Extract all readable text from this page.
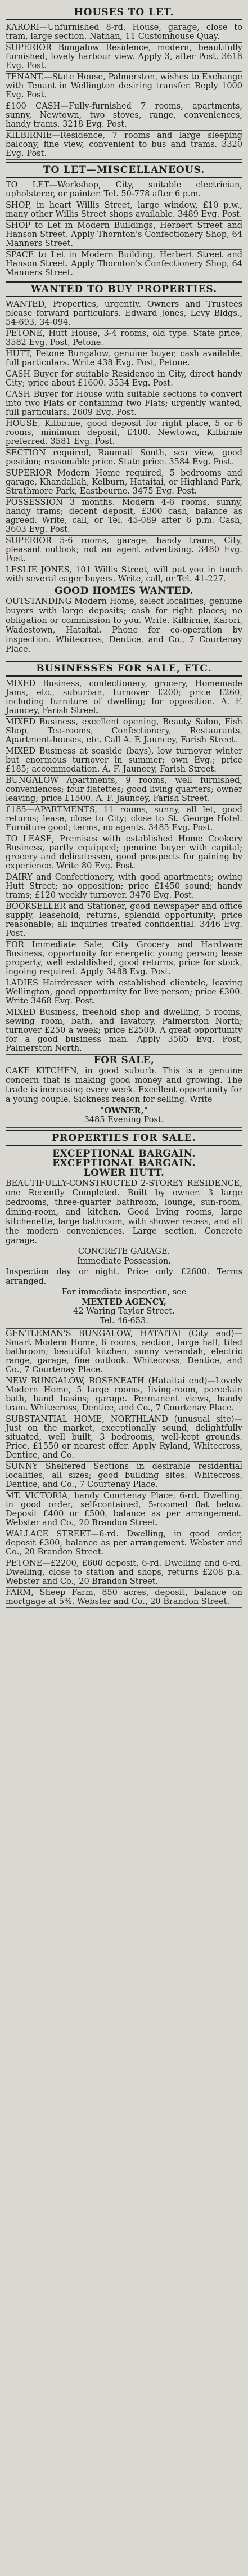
HOUSES TO LET.

KARORI—Unfurnished 8-rd. House, garage, close to tram, large section. Nathan, 11 Customhouse Quay.

SUPERIOR Bungalow Residence, modern, beautifully furnished, lovely harbour view. Apply 3, after Post. 3618 Evg. Post.

TENANT.—State House, Palmerston, wishes to Exchange with Tenant in Wellington desiring transfer. Reply 1000 Evg. Post.

£100 CASH—Fully-furnished 7 rooms, apartments, sunny, Newtown, two stoves, range, conveniences, handy trams. 3218 Evg. Post.

KILBIRNIE—Residence, 7 rooms and large sleeping balcony, fine view, convenient to bus and trams. 3320 Evg. Post.

TO LET—MISCELLANEOUS.

TO LET—Workshop, City, suitable electrician, upholsterer, or painter. Tel. 50-778 after 6 p.m.

SHOP, in heart Willis Street, large window, £10 p.w., many other Willis Street shops available. 3489 Evg. Post.

SHOP to Let in Modern Buildings, Herbert Street and Hanson Street. Apply Thornton's Confectionery Shop, 64 Manners Street.

SPACE to Let in Modern Building, Herbert Street and Hanson Street. Apply Thornton's Confectionery Shop, 64 Manners Street.

WANTED TO BUY PROPERTIES.

WANTED, Properties, urgently. Owners and Trustees please forward particulars. Edward Jones, Levy Bldgs., 54-693, 34-094.

PETONE, Hutt House, 3-4 rooms, old type. State price, 3582 Evg. Post, Petone.

HUTT, Petone Bungalow, genuine buyer, cash available, full particulars. Write 438 Evg. Post, Petone.

CASH Buyer for suitable Residence in City, direct handy City; price about £1600. 3534 Evg. Post.

CASH Buyer for House with suitable sections to convert into two Flats or containing two Flats; urgently wanted, full particulars. 2609 Evg. Post.

HOUSE, Kilbirnie, good deposit for right place, 5 or 6 rooms, minimum deposit, £400. Newtown, Kilbirnie preferred. 3581 Evg. Post.

SECTION required, Raumati South, sea view, good position; reasonable price. State price. 3584 Evg. Post.

SUPERIOR Modern Home required, 5 bedrooms and garage, Khandallah, Kelburn, Hataitai, or Highland Park, Strathmore Park, Eastbourne. 3475 Evg. Post.

POSSESSION 3 months. Modern 4-6 rooms, sunny, handy trams; decent deposit, £300 cash, balance as agreed. Write, call, or Tel. 45-089 after 6 p.m. Cash, 3603 Evg. Post.

SUPERIOR 5-6 rooms, garage, handy trams, City, pleasant outlook; not an agent advertising. 3480 Evg. Post.

LESLIE JONES, 101 Willis Street, will put you in touch with several eager buyers. Write, call, or Tel. 41-227.

GOOD HOMES WANTED.
OUTSTANDING Modern Home, select localities; genuine buyers with large deposits; cash for right places; no obligation or commission to you. Write. Kilbirnie, Karori, Wadestown, Hataitai. Phone for co-operation by inspection. Whitecross, Dentice, and Co., 7 Courtenay Place.
BUSINESSES FOR SALE, ETC.

MIXED Business, confectionery, grocery, Homemade Jams, etc., suburban, turnover £200; price £260, including furniture of dwelling; for opposition. A. F. Jauncey, Farish Street.

MIXED Business, excellent opening, Beauty Salon, Fish Shop, Tea-rooms, Confectionery, Restaurants, Apartment-houses, etc. Call A. F. Jauncey, Farish Street.

MIXED Business at seaside (bays), low turnover winter but enormous turnover in summer; own Evg.; price £185; accommodation. A. F. Jauncey, Farish Street.

BUNGALOW Apartments, 9 rooms, well furnished, conveniences; four flatettes; good living quarters; owner leaving; price £1500. A. F. Jauncey, Farish Street.

£185—APARTMENTS, 11 rooms, sunny, all let, good returns; lease, close to City; close to St. George Hotel. Furniture good; terms, no agents. 3485 Evg. Post.

TO LEASE, Premises with established Home Cookery Business, partly equipped; genuine buyer with capital; grocery and delicatessen, good prospects for gaining by experience. Write 80 Evg. Post.

DAIRY and Confectionery, with good apartments; owing Hutt Street; no opposition; price £1450 sound; handy trams; £120 weekly turnover. 3476 Evg. Post.

BOOKSELLER and Stationer, good newspaper and office supply, leasehold; returns, splendid opportunity; price reasonable; all inquiries treated confidential. 3446 Evg. Post.

FOR Immediate Sale, City Grocery and Hardware Business, opportunity for energetic young person; lease property, well established, good returns, price for stock, ingoing required. Apply 3488 Evg. Post.

LADIES Hairdresser with established clientele, leaving Wellington, good opportunity for live person; price £300. Write 3468 Evg. Post.

MIXED Business, freehold shop and dwelling, 5 rooms, sewing room, bath, and lavatory, Palmerston North; turnover £250 a week; price £2500. A great opportunity for a good business man. Apply 3565 Evg. Post, Palmerston North.

FOR SALE,
CAKE KITCHEN, in good suburb. This is a genuine concern that is making good money and growing. The trade is increasing every week. Excellent opportunity for a young couple. Sickness reason for selling. Write
"OWNER,"
3485 Evening Post.
PROPERTIES FOR SALE.
EXCEPTIONAL BARGAIN.
EXCEPTIONAL BARGAIN.
LOWER HUTT.
BEAUTIFULLY-CONSTRUCTED 2-STOREY RESIDENCE, one Recently Completed. Built by owner. 3 large bedrooms, three-quarter bathroom, lounge, sun-room, dining-room, and kitchen. Good living rooms, large kitchenette, large bathroom, with shower recess, and all the modern conveniences. Large section. Concrete garage.
CONCRETE GARAGE.
Immediate Possession.
Inspection day or night. Price only £2600. Terms arranged.
For immediate inspection, see
MEXTED AGENCY,
42 Waring Taylor Street.
Tel. 46-653.

GENTLEMAN'S BUNGALOW, HATAITAI (City end)—Smart Modern Home, 6 rooms, section, large hall, tiled bathroom; beautiful kitchen, sunny verandah, electric range, garage, fine outlook. Whitecross, Dentice, and Co., 7 Courtenay Place.

NEW BUNGALOW, ROSENEATH (Hataitai end)—Lovely Modern Home, 5 large rooms, living-room, porcelain bath, hand basins; garage. Permanent views, handy tram. Whitecross, Dentice, and Co., 7 Courtenay Place.

SUBSTANTIAL HOME, NORTHLAND (unusual site)—Just on the market, exceptionally sound, delightfully situated, well built, 3 bedrooms, well-kept grounds. Price, £1550 or nearest offer. Apply Ryland, Whitecross, Dentice, and Co.

SUNNY Sheltered Sections in desirable residential localities, all sizes; good building sites. Whitecross, Dentice, and Co., 7 Courtenay Place.

MT. VICTORIA, handy Courtenay Place, 6-rd. Dwelling, in good order, self-contained, 5-roomed flat below. Deposit £400 or £500, balance as per arrangement. Webster and Co., 20 Brandon Street.

WALLACE STREET—6-rd. Dwelling, in good order, deposit £300, balance as per arrangement. Webster and Co., 20 Brandon Street.

PETONE—£2200, £600 deposit, 6-rd. Dwelling and 6-rd. Dwelling, close to station and shops, returns £208 p.a. Webster and Co., 20 Brandon Street.

FARM, Sheep Farm, 850 acres, deposit, balance on mortgage at 5%. Webster and Co., 20 Brandon Street.
